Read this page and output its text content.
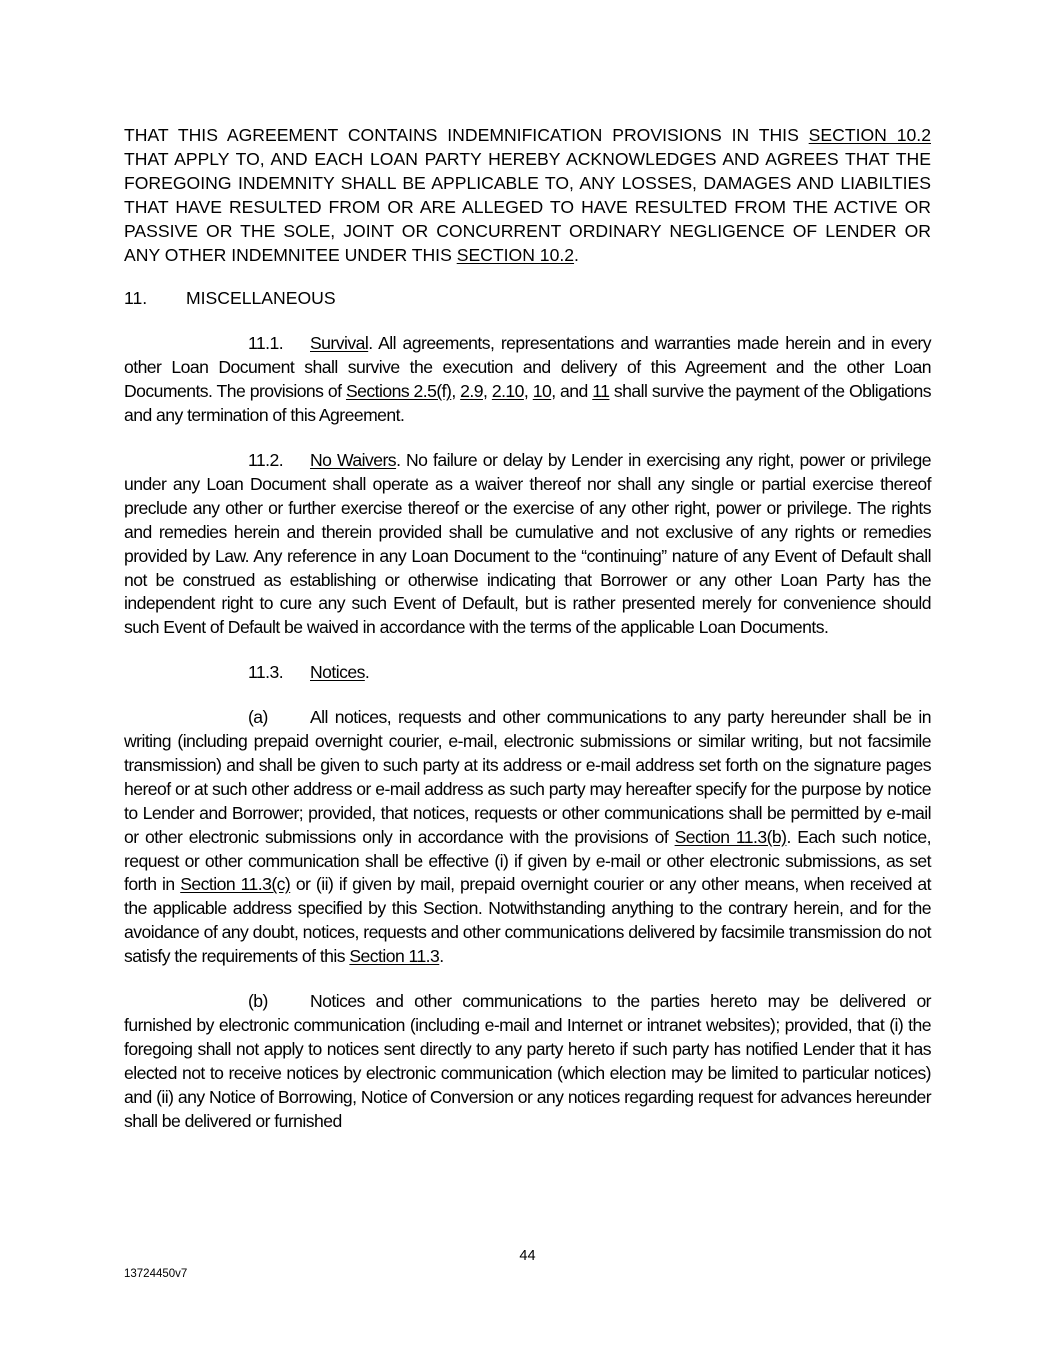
THAT THIS AGREEMENT CONTAINS INDEMNIFICATION PROVISIONS IN THIS SECTION 10.2 THAT APPLY TO, AND EACH LOAN PARTY HEREBY ACKNOWLEDGES AND AGREES THAT THE FOREGOING INDEMNITY SHALL BE APPLICABLE TO, ANY LOSSES, DAMAGES AND LIABILTIES THAT HAVE RESULTED FROM OR ARE ALLEGED TO HAVE RESULTED FROM THE ACTIVE OR PASSIVE OR THE SOLE, JOINT OR CONCURRENT ORDINARY NEGLIGENCE OF LENDER OR ANY OTHER INDEMNITEE UNDER THIS SECTION 10.2.

11. MISCELLANEOUS

11.1. Survival. All agreements, representations and warranties made herein and in every other Loan Document shall survive the execution and delivery of this Agreement and the other Loan Documents. The provisions of Sections 2.5(f), 2.9, 2.10, 10, and 11 shall survive the payment of the Obligations and any termination of this Agreement.

11.2. No Waivers. No failure or delay by Lender in exercising any right, power or privilege under any Loan Document shall operate as a waiver thereof nor shall any single or partial exercise thereof preclude any other or further exercise thereof or the exercise of any other right, power or privilege. The rights and remedies herein and therein provided shall be cumulative and not exclusive of any rights or remedies provided by Law. Any reference in any Loan Document to the “continuing” nature of any Event of Default shall not be construed as establishing or otherwise indicating that Borrower or any other Loan Party has the independent right to cure any such Event of Default, but is rather presented merely for convenience should such Event of Default be waived in accordance with the terms of the applicable Loan Documents.

11.3. Notices.

(a) All notices, requests and other communications to any party hereunder shall be in writing (including prepaid overnight courier, e-mail, electronic submissions or similar writing, but not facsimile transmission) and shall be given to such party at its address or e-mail address set forth on the signature pages hereof or at such other address or e-mail address as such party may hereafter specify for the purpose by notice to Lender and Borrower; provided, that notices, requests or other communications shall be permitted by e-mail or other electronic submissions only in accordance with the provisions of Section 11.3(b). Each such notice, request or other communication shall be effective (i) if given by e-mail or other electronic submissions, as set forth in Section 11.3(c) or (ii) if given by mail, prepaid overnight courier or any other means, when received at the applicable address specified by this Section. Notwithstanding anything to the contrary herein, and for the avoidance of any doubt, notices, requests and other communications delivered by facsimile transmission do not satisfy the requirements of this Section 11.3.

(b) Notices and other communications to the parties hereto may be delivered or furnished by electronic communication (including e-mail and Internet or intranet websites); provided, that (i) the foregoing shall not apply to notices sent directly to any party hereto if such party has notified Lender that it has elected not to receive notices by electronic communication (which election may be limited to particular notices) and (ii) any Notice of Borrowing, Notice of Conversion or any notices regarding request for advances hereunder shall be delivered or furnished

44
13724450v7
